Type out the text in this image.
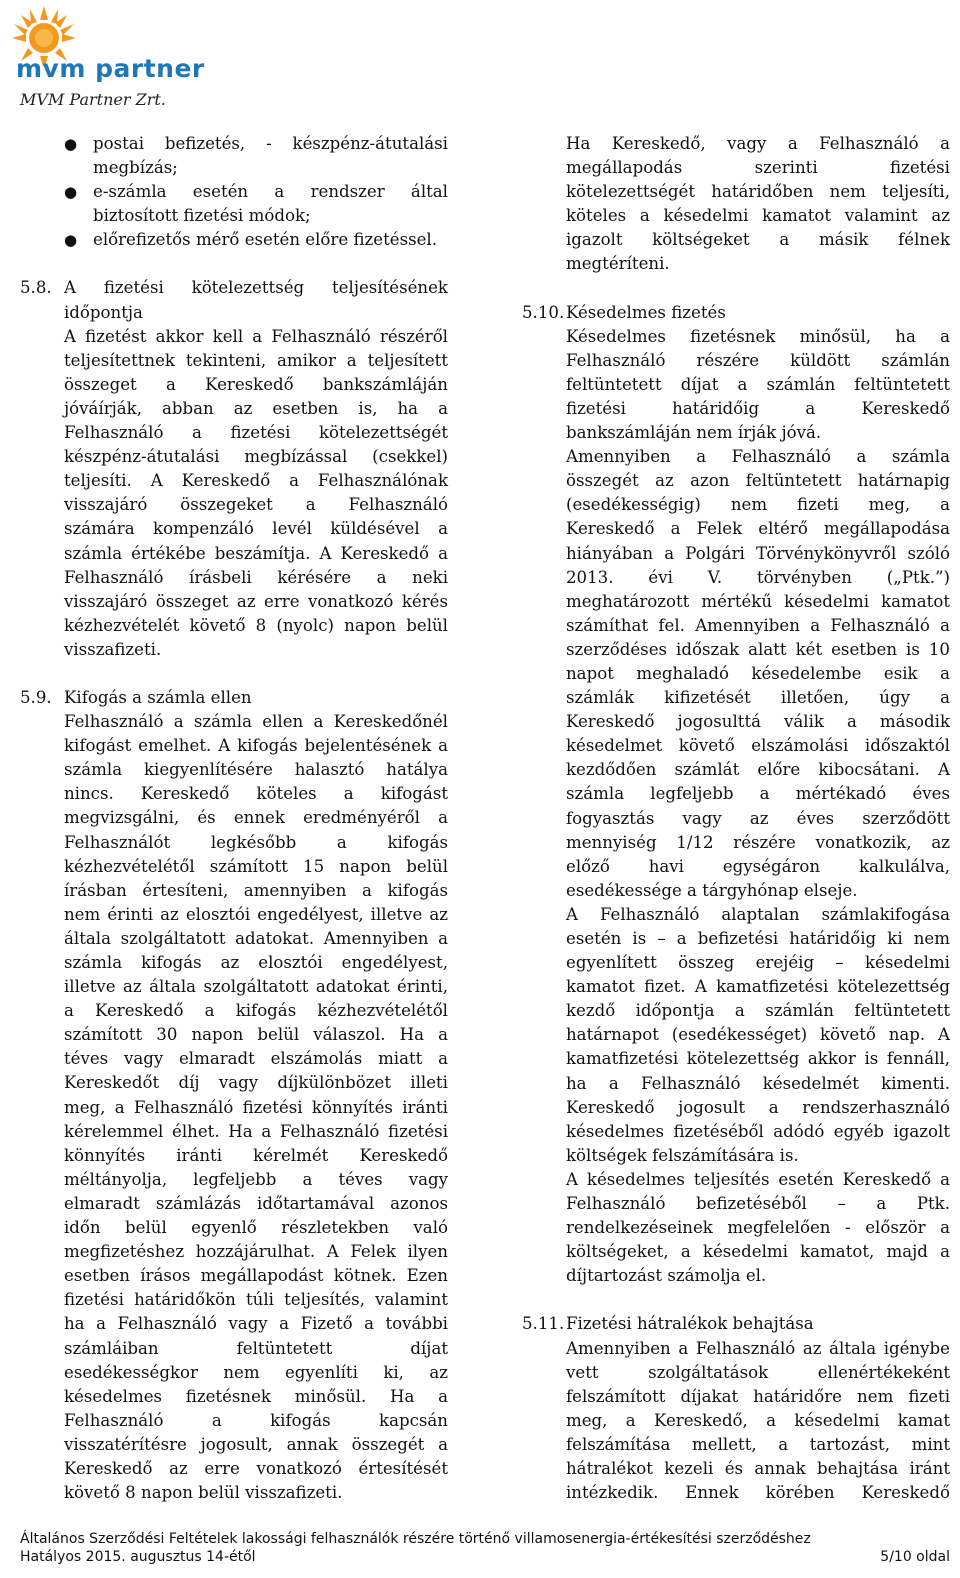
mvm partner
MVM Partner Zrt.
● postai befizetés, - készpénz-átutalási
megbízás;
● e-számla esetén a rendszer által
biztosított fizetési módok;
● előrefizetős mérő esetén előre fizetéssel.
5.8. A fizetési kötelezettség teljesítésének
időpontja
A fizetést akkor kell a Felhasználó részéről
teljesítettnek tekinteni, amikor a teljesített
összeget a Kereskedő bankszámláján
jóváírják, abban az esetben is, ha a
Felhasználó a fizetési kötelezettségét
készpénz-átutalási megbízással (csekkel)
teljesíti. A Kereskedő a Felhasználónak
visszajáró összegeket a Felhasználó
számára kompenzáló levél küldésével a
számla értékébe beszámítja. A Kereskedő a
Felhasználó írásbeli kérésére a neki
visszajáró összeget az erre vonatkozó kérés
kézhezvételét követő 8 (nyolc) napon belül
visszafizeti.
5.9. Kifogás a számla ellen
Felhasználó a számla ellen a Kereskedőnél
kifogást emelhet. A kifogás bejelentésének a
számla kiegyenlítésére halasztó hatálya
nincs. Kereskedő köteles a kifogást
megvizsgálni, és ennek eredményéről a
Felhasználót legkésőbb a kifogás
kézhezvételétől számított 15 napon belül
írásban értesíteni, amennyiben a kifogás
nem érinti az elosztói engedélyest, illetve az
általa szolgáltatott adatokat. Amennyiben a
számla kifogás az elosztói engedélyest,
illetve az általa szolgáltatott adatokat érinti,
a Kereskedő a kifogás kézhezvételétől
számított 30 napon belül válaszol. Ha a
téves vagy elmaradt elszámolás miatt a
Kereskedőt díj vagy díjkülönbözet illeti
meg, a Felhasználó fizetési könnyítés iránti
kérelemmel élhet. Ha a Felhasználó fizetési
könnyítés iránti kérelmét Kereskedő
méltányolja, legfeljebb a téves vagy
elmaradt számlázás időtartamával azonos
időn belül egyenlő részletekben való
megfizetéshez hozzájárulhat. A Felek ilyen
esetben írásos megállapodást kötnek. Ezen
fizetési határidőkön túli teljesítés, valamint
ha a Felhasználó vagy a Fizető a további
számláiban feltüntetett díjat
esedékességkor nem egyenlíti ki, az
késedelmes fizetésnek minősül. Ha a
Felhasználó a kifogás kapcsán
visszatérítésre jogosult, annak összegét a
Kereskedő az erre vonatkozó értesítését
követő 8 napon belül visszafizeti.
Ha Kereskedő, vagy a Felhasználó a
megállapodás szerinti fizetési
kötelezettségét határidőben nem teljesíti,
köteles a késedelmi kamatot valamint az
igazolt költségeket a másik félnek
megtéríteni.
5.10. Késedelmes fizetés
Késedelmes fizetésnek minősül, ha a
Felhasználó részére küldött számlán
feltüntetett díjat a számlán feltüntetett
fizetési határidőig a Kereskedő
bankszámláján nem írják jóvá.
Amennyiben a Felhasználó a számla
összegét az azon feltüntetett határnapig
(esedékességig) nem fizeti meg, a
Kereskedő a Felek eltérő megállapodása
hiányában a Polgári Törvénykönyvről szóló
2013. évi V. törvényben („Ptk.”)
meghatározott mértékű késedelmi kamatot
számíthat fel. Amennyiben a Felhasználó a
szerződéses időszak alatt két esetben is 10
napot meghaladó késedelembe esik a
számlák kifizetését illetően, úgy a
Kereskedő jogosulttá válik a második
késedelmet követő elszámolási időszaktól
kezdődően számlát előre kibocsátani. A
számla legfeljebb a mértékadó éves
fogyasztás vagy az éves szerződött
mennyiség 1/12 részére vonatkozik, az
előző havi egységáron kalkulálva,
esedékessége a tárgyhónap elseje.
A Felhasználó alaptalan számlakifogása
esetén is – a befizetési határidőig ki nem
egyenlített összeg erejéig – késedelmi
kamatot fizet. A kamatfizetési kötelezettség
kezdő időpontja a számlán feltüntetett
határnapot (esedékességet) követő nap. A
kamatfizetési kötelezettség akkor is fennáll,
ha a Felhasználó késedelmét kimenti.
Kereskedő jogosult a rendszerhasználó
késedelmes fizetéséből adódó egyéb igazolt
költségek felszámítására is.
A késedelmes teljesítés esetén Kereskedő a
Felhasználó befizetéséből – a Ptk.
rendelkezéseinek megfelelően - először a
költségeket, a késedelmi kamatot, majd a
díjtartozást számolja el.
5.11. Fizetési hátralékok behajtása
Amennyiben a Felhasználó az általa igénybe
vett szolgáltatások ellenértékeként
felszámított díjakat határidőre nem fizeti
meg, a Kereskedő, a késedelmi kamat
felszámítása mellett, a tartozást, mint
hátralékot kezeli és annak behajtása iránt
intézkedik. Ennek körében Kereskedő
Általános Szerződési Feltételek lakossági felhasználók részére történő villamosenergia-értékesítési szerződéshez
Hatályos 2015. augusztus 14-étől	5/10 oldal
